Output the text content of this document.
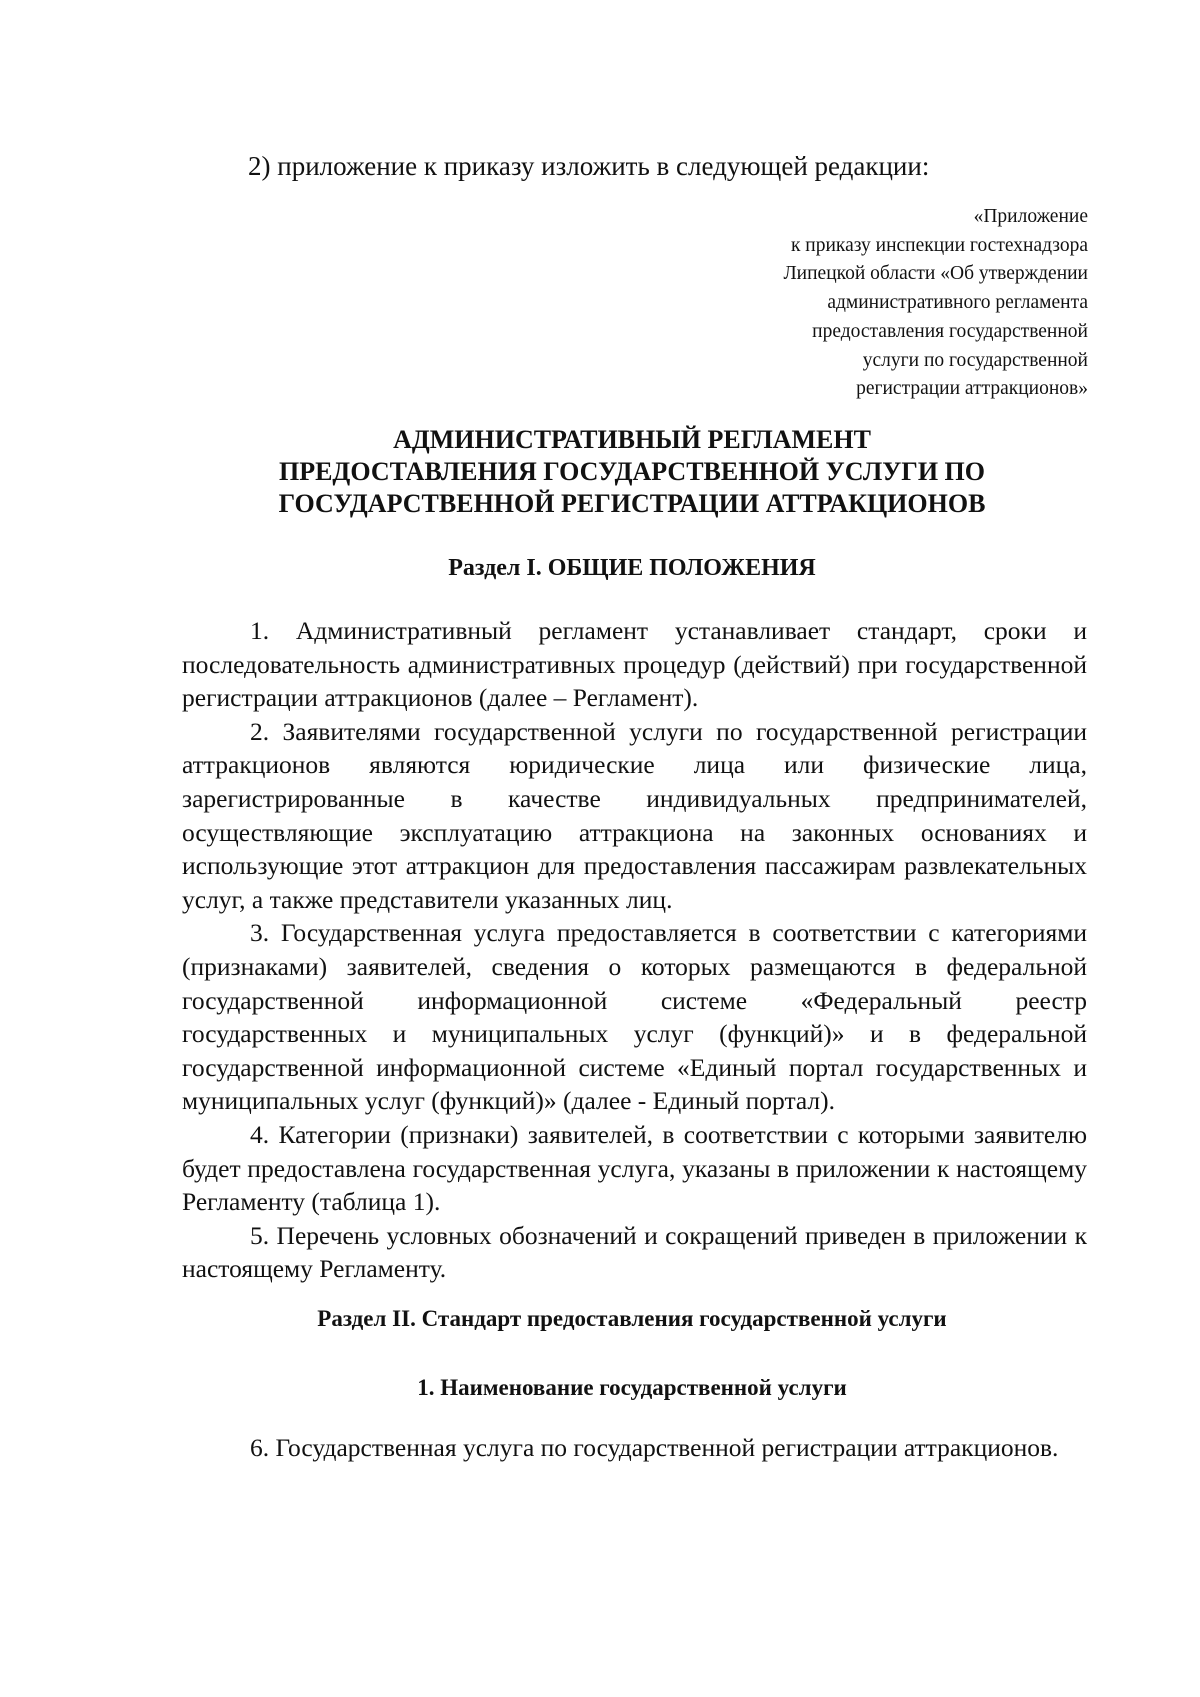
2) приложение к приказу изложить в следующей редакции:

«Приложение
к приказу инспекции гостехнадзора
Липецкой области «Об утверждении
административного регламента
предоставления государственной
услуги по государственной
регистрации аттракционов»
АДМИНИСТРАТИВНЫЙ РЕГЛАМЕНТ
ПРЕДОСТАВЛЕНИЯ ГОСУДАРСТВЕННОЙ УСЛУГИ ПО
ГОСУДАРСТВЕННОЙ РЕГИСТРАЦИИ АТТРАКЦИОНОВ
Раздел I. ОБЩИЕ ПОЛОЖЕНИЯ

1. Административный регламент устанавливает стандарт, сроки и последовательность административных процедур (действий) при государственной регистрации аттракционов (далее – Регламент).

2. Заявителями государственной услуги по государственной регистрации аттракционов являются юридические лица или физические лица, зарегистрированные в качестве индивидуальных предпринимателей, осуществляющие эксплуатацию аттракциона на законных основаниях и использующие этот аттракцион для предоставления пассажирам развлекательных услуг, а также представители указанных лиц.

3. Государственная услуга предоставляется в соответствии с категориями (признаками) заявителей, сведения о которых размещаются в федеральной государственной информационной системе «Федеральный реестр государственных и муниципальных услуг (функций)» и в федеральной государственной информационной системе «Единый портал государственных и муниципальных услуг (функций)» (далее - Единый портал).

4. Категории (признаки) заявителей, в соответствии с которыми заявителю будет предоставлена государственная услуга, указаны в приложении к настоящему Регламенту (таблица 1).

5. Перечень условных обозначений и сокращений приведен в приложении к настоящему Регламенту.

Раздел II. Стандарт предоставления государственной услуги
1. Наименование государственной услуги

6. Государственная услуга по государственной регистрации аттракционов.
